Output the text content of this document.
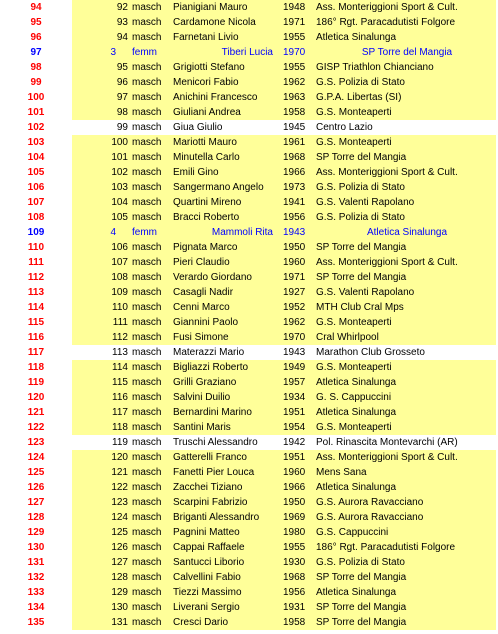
94	92 masch	Pianigiani Mauro	1948	Ass. Monteriggioni Sport & Cult.
95	93 masch	Cardamone Nicola	1971	186° Rgt. Paracadutisti Folgore
96	94 masch	Farnetani Livio	1955	Atletica Sinalunga
97	3 femm	Tiberi Lucia 1970	SP Torre del Mangia
98	95 masch	Grigiotti Stefano	1955	GISP Triathlon Chianciano
99	96 masch	Menicori Fabio	1962	G.S. Polizia di Stato
100	97 masch	Anichini Francesco	1963	G.P.A. Libertas (SI)
101	98 masch	Giuliani Andrea	1958	G.S. Monteaperti
102	99 masch	Giua Giulio	1945	Centro Lazio
103	100 masch	Mariotti Mauro	1961	G.S. Monteaperti
104	101 masch	Minutella Carlo	1968	SP Torre del Mangia
105	102 masch	Emili Gino	1966	Ass. Monteriggioni Sport & Cult.
106	103 masch	Sangermano Angelo	1973	G.S. Polizia di Stato
107	104 masch	Quartini Mireno	1941	G.S. Valenti Rapolano
108	105 masch	Bracci Roberto	1956	G.S. Polizia di Stato
109	4 femm	Mammoli Rita 1943	Atletica Sinalunga
110	106 masch	Pignata Marco	1950	SP Torre del Mangia
111	107 masch	Pieri Claudio	1960	Ass. Monteriggioni Sport & Cult.
112	108 masch	Verardo Giordano	1971	SP Torre del Mangia
113	109 masch	Casagli Nadir	1927	G.S. Valenti Rapolano
114	110 masch	Cenni Marco	1952	MTH Club Cral Mps
115	111 masch	Giannini Paolo	1962	G.S. Monteaperti
116	112 masch	Fusi Simone	1970	Cral Whirlpool
117	113 masch	Materazzi Mario	1943	Marathon Club Grosseto
118	114 masch	Bigliazzi Roberto	1949	G.S. Monteaperti
119	115 masch	Grilli Graziano	1957	Atletica Sinalunga
120	116 masch	Salvini Duilio	1934	G. S. Cappuccini
121	117 masch	Bernardini Marino	1951	Atletica Sinalunga
122	118 masch	Santini Maris	1954	G.S. Monteaperti
123	119 masch	Truschi Alessandro	1942	Pol. Rinascita Montevarchi (AR)
124	120 masch	Gatterelli Franco	1951	Ass. Monteriggioni Sport & Cult.
125	121 masch	Fanetti Pier Louca	1960	Mens Sana
126	122 masch	Zacchei Tiziano	1966	Atletica Sinalunga
127	123 masch	Scarpini Fabrizio	1950	G.S. Aurora Ravacciano
128	124 masch	Briganti Alessandro	1969	G.S. Aurora Ravacciano
129	125 masch	Pagnini Matteo	1980	G.S. Cappuccini
130	126 masch	Cappai Raffaele	1955	186° Rgt. Paracadutisti Folgore
131	127 masch	Santucci Liborio	1930	G.S. Polizia di Stato
132	128 masch	Calvellini Fabio	1968	SP Torre del Mangia
133	129 masch	Tiezzi Massimo	1956	Atletica Sinalunga
134	130 masch	Liverani Sergio	1931	SP Torre del Mangia
135	131 masch	Cresci Dario	1958	SP Torre del Mangia
